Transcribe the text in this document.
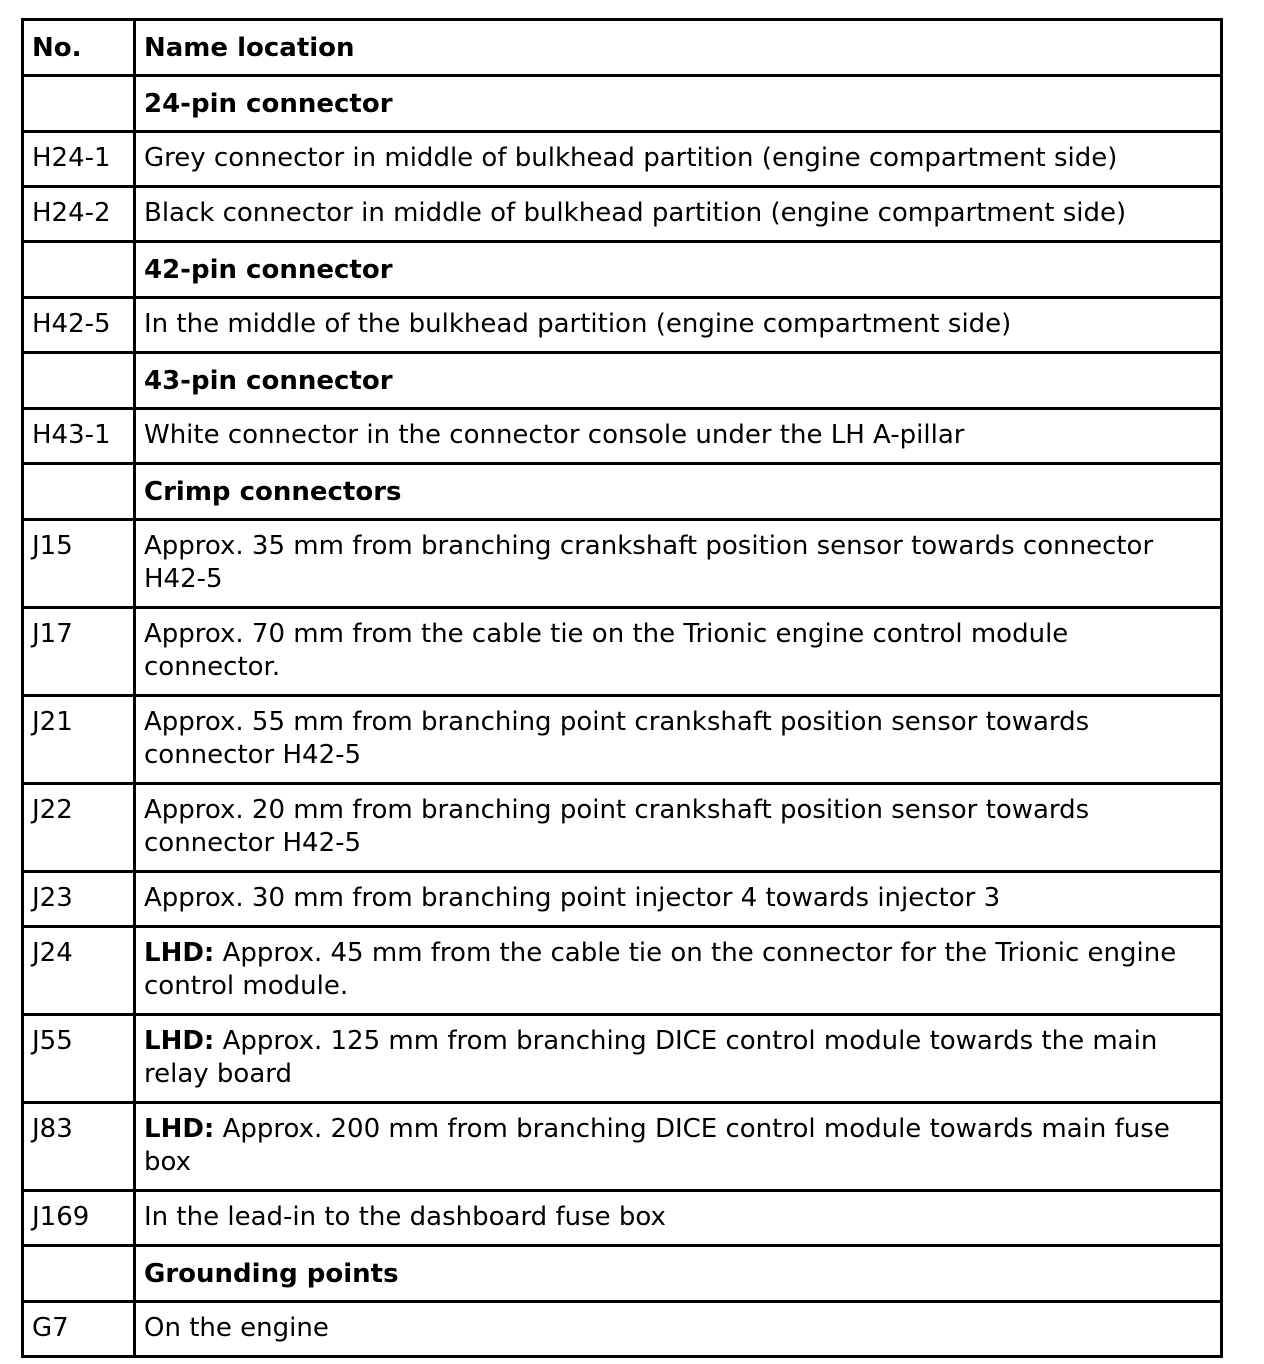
No.	Name location
	24-pin connector
H24-1	Grey connector in middle of bulkhead partition (engine compartment side)
H24-2	Black connector in middle of bulkhead partition (engine compartment side)
	42-pin connector
H42-5	In the middle of the bulkhead partition (engine compartment side)
	43-pin connector
H43-1	White connector in the connector console under the LH A-pillar
	Crimp connectors
J15	Approx. 35 mm from branching crankshaft position sensor towards connector H42-5
J17	Approx. 70 mm from the cable tie on the Trionic engine control module connector.
J21	Approx. 55 mm from branching point crankshaft position sensor towards connector H42-5
J22	Approx. 20 mm from branching point crankshaft position sensor towards connector H42-5
J23	Approx. 30 mm from branching point injector 4 towards injector 3
J24	LHD: Approx. 45 mm from the cable tie on the connector for the Trionic engine control module.
J55	LHD: Approx. 125 mm from branching DICE control module towards the main relay board
J83	LHD: Approx. 200 mm from branching DICE control module towards main fuse box
J169	In the lead-in to the dashboard fuse box
	Grounding points
G7	On the engine
